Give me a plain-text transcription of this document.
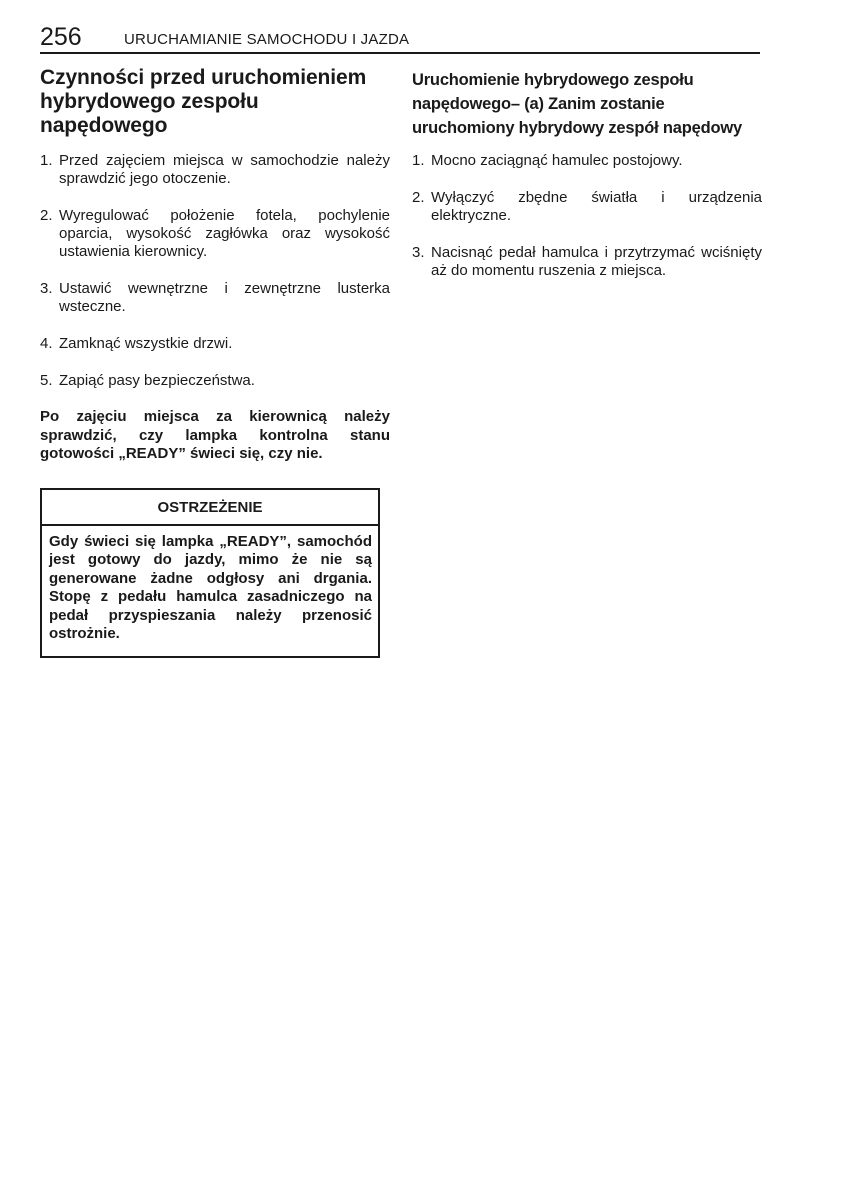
256	URUCHAMIANIE SAMOCHODU I JAZDA
Czynności przed uruchomieniem hybrydowego zespołu napędowego
1. Przed zajęciem miejsca w samochodzie należy sprawdzić jego otoczenie.
2. Wyregulować położenie fotela, pochylenie oparcia, wysokość zagłówka oraz wysokość ustawienia kierownicy.
3. Ustawić wewnętrzne i zewnętrzne lusterka wsteczne.
4. Zamknąć wszystkie drzwi.
5. Zapiąć pasy bezpieczeństwa.

Po zajęciu miejsca za kierownicą należy sprawdzić, czy lampka kontrolna stanu gotowości „READY” świeci się, czy nie.

OSTRZEŻENIE
Gdy świeci się lampka „READY”, samochód jest gotowy do jazdy, mimo że nie są generowane żadne odgłosy ani drgania. Stopę z pedału hamulca zasadniczego na pedał przyspieszania należy przenosić ostrożnie.
Uruchomienie hybrydowego zespołu napędowego– (a) Zanim zostanie uruchomiony hybrydowy zespół napędowy
1. Mocno zaciągnąć hamulec postojowy.
2. Wyłączyć zbędne światła i urządzenia elektryczne.
3. Nacisnąć pedał hamulca i przytrzymać wciśnięty aż do momentu ruszenia z miejsca.
